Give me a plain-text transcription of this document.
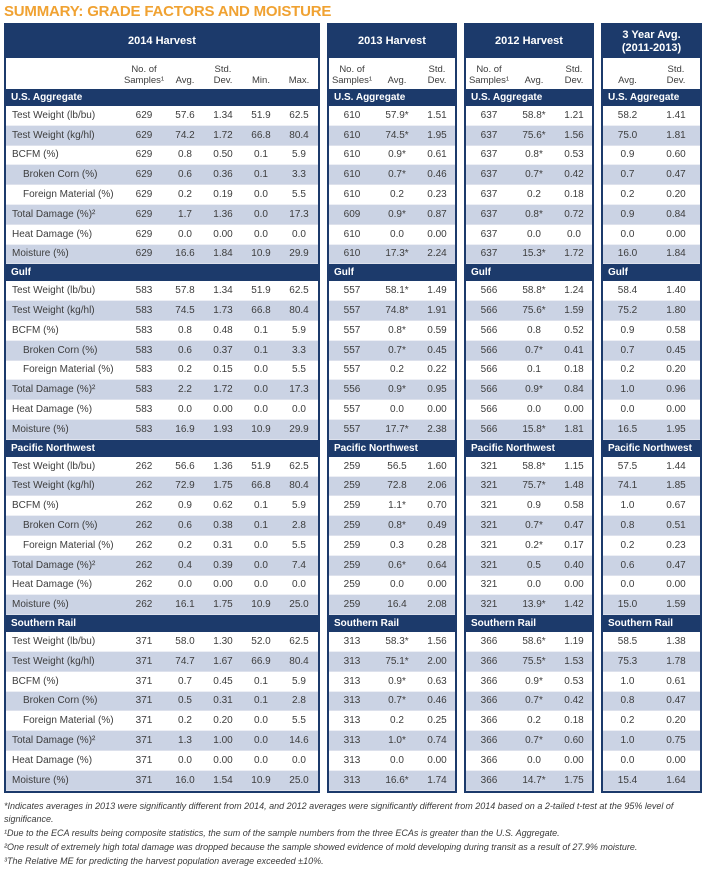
SUMMARY: GRADE FACTORS AND MOISTURE
2014 Harvest
No. of
Samples¹ Avg.
Std.
Dev. Min. Max.
U.S. Aggregate
Test Weight (lb/bu)	629	57.6	1.34	51.9	62.5
Test Weight (kg/hl)	629	74.2	1.72	66.8	80.4
BCFM (%)	629	0.8	0.50	0.1	5.9
Broken Corn (%)	629	0.6	0.36	0.1	3.3
Foreign Material (%)	629	0.2	0.19	0.0	5.5
Total Damage (%)²	629	1.7	1.36	0.0	17.3
Heat Damage (%)	629	0.0	0.00	0.0	0.0
Moisture (%)	629	16.6	1.84	10.9	29.9
Gulf
Test Weight (lb/bu)	583	57.8	1.34	51.9	62.5
Test Weight (kg/hl)	583	74.5	1.73	66.8	80.4
BCFM (%)	583	0.8	0.48	0.1	5.9
Broken Corn (%)	583	0.6	0.37	0.1	3.3
Foreign Material (%)	583	0.2	0.15	0.0	5.5
Total Damage (%)²	583	2.2	1.72	0.0	17.3
Heat Damage (%)	583	0.0	0.00	0.0	0.0
Moisture (%)	583	16.9	1.93	10.9	29.9
Pacific Northwest
Test Weight (lb/bu)	262	56.6	1.36	51.9	62.5
Test Weight (kg/hl)	262	72.9	1.75	66.8	80.4
BCFM (%)	262	0.9	0.62	0.1	5.9
Broken Corn (%)	262	0.6	0.38	0.1	2.8
Foreign Material (%)	262	0.2	0.31	0.0	5.5
Total Damage (%)²	262	0.4	0.39	0.0	7.4
Heat Damage (%)	262	0.0	0.00	0.0	0.0
Moisture (%)	262	16.1	1.75	10.9	25.0
Southern Rail
Test Weight (lb/bu)	371	58.0	1.30	52.0	62.5
Test Weight (kg/hl)	371	74.7	1.67	66.9	80.4
BCFM (%)	371	0.7	0.45	0.1	5.9
Broken Corn (%)	371	0.5	0.31	0.1	2.8
Foreign Material (%)	371	0.2	0.20	0.0	5.5
Total Damage (%)²	371	1.3	1.00	0.0	14.6
Heat Damage (%)	371	0.0	0.00	0.0	0.0
Moisture (%)	371	16.0	1.54	10.9	25.0
2013 Harvest
No. of
Samples¹ Avg.
Std.
Dev.
U.S. Aggregate
610	57.9*	1.51
610	74.5*	1.95
610	0.9*	0.61
610	0.7*	0.46
610	0.2	0.23
609	0.9*	0.87
610	0.0	0.00
610	17.3*	2.24
Gulf
557	58.1*	1.49
557	74.8*	1.91
557	0.8*	0.59
557	0.7*	0.45
557	0.2	0.22
556	0.9*	0.95
557	0.0	0.00
557	17.7*	2.38
Pacific Northwest
259	56.5	1.60
259	72.8	2.06
259	1.1*	0.70
259	0.8*	0.49
259	0.3	0.28
259	0.6*	0.64
259	0.0	0.00
259	16.4	2.08
Southern Rail
313	58.3*	1.56
313	75.1*	2.00
313	0.9*	0.63
313	0.7*	0.46
313	0.2	0.25
313	1.0*	0.74
313	0.0	0.00
313	16.6*	1.74
2012 Harvest
No. of
Samples¹ Avg.
Std.
Dev.
U.S. Aggregate
637	58.8*	1.21
637	75.6*	1.56
637	0.8*	0.53
637	0.7*	0.42
637	0.2	0.18
637	0.8*	0.72
637	0.0	0.0
637	15.3*	1.72
Gulf
566	58.8*	1.24
566	75.6*	1.59
566	0.8	0.52
566	0.7*	0.41
566	0.1	0.18
566	0.9*	0.84
566	0.0	0.00
566	15.8*	1.81
Pacific Northwest
321	58.8*	1.15
321	75.7*	1.48
321	0.9	0.58
321	0.7*	0.47
321	0.2*	0.17
321	0.5	0.40
321	0.0	0.00
321	13.9*	1.42
Southern Rail
366	58.6*	1.19
366	75.5*	1.53
366	0.9*	0.53
366	0.7*	0.42
366	0.2	0.18
366	0.7*	0.60
366	0.0	0.00
366	14.7*	1.75
3 Year Avg.
(2011-2013)
Avg.
Std.
Dev.
U.S. Aggregate
58.2	1.41
75.0	1.81
0.9	0.60
0.7	0.47
0.2	0.20
0.9	0.84
0.0	0.00
16.0	1.84
Gulf
58.4	1.40
75.2	1.80
0.9	0.58
0.7	0.45
0.2	0.20
1.0	0.96
0.0	0.00
16.5	1.95
Pacific Northwest
57.5	1.44
74.1	1.85
1.0	0.67
0.8	0.51
0.2	0.23
0.6	0.47
0.0	0.00
15.0	1.59
Southern Rail
58.5	1.38
75.3	1.78
1.0	0.61
0.8	0.47
0.2	0.20
1.0	0.75
0.0	0.00
15.4	1.64
*Indicates averages in 2013 were significantly different from 2014, and 2012 averages were significantly different from 2014 based on a 2-tailed t-test at the 95% level of significance.
¹Due to the ECA results being composite statistics, the sum of the sample numbers from the three ECAs is greater than the U.S. Aggregate.
²One result of extremely high total damage was dropped because the sample showed evidence of mold developing during transit as a result of 27.9% moisture.
³The Relative ME for predicting the harvest population average exceeded ±10%.
